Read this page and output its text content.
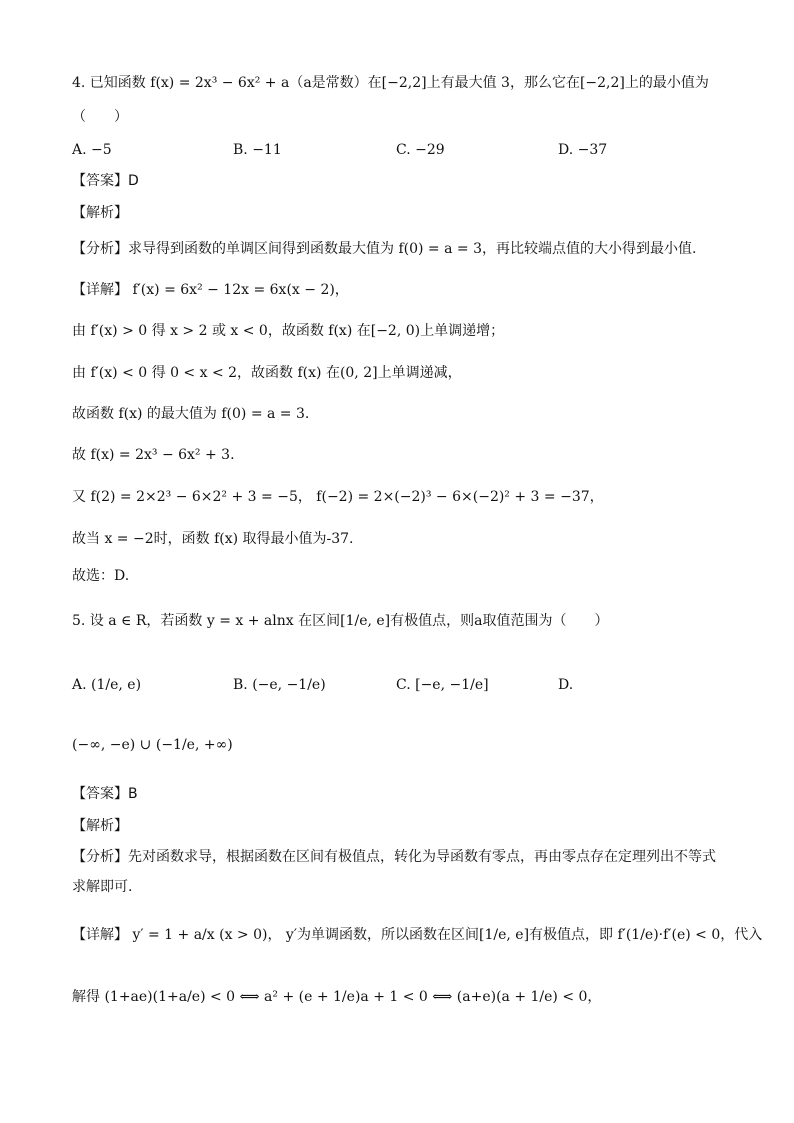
4. 已知函数 f(x) = 2x³ − 6x² + a（a是常数）在[−2,2]上有最大值 3，那么它在[−2,2]上的最小值为
（　　）
A. −5	B. −11	C. −29	D. −37
【答案】D
【解析】
【分析】求导得到函数的单调区间得到函数最大值为 f(0) = a = 3，再比较端点值的大小得到最小值.
【详解】 f′(x) = 6x² − 12x = 6x(x − 2)，
由 f′(x) > 0 得 x > 2 或 x < 0，故函数 f(x) 在[−2, 0)上单调递增；
由 f′(x) < 0 得 0 < x < 2，故函数 f(x) 在(0, 2]上单调递减，
故函数 f(x) 的最大值为 f(0) = a = 3.
故 f(x) = 2x³ − 6x² + 3.
又 f(2) = 2×2³ − 6×2² + 3 = −5， f(−2) = 2×(−2)³ − 6×(−2)² + 3 = −37，
故当 x = −2时，函数 f(x) 取得最小值为-37.
故选：D.
5. 设 a ∈ R，若函数 y = x + alnx 在区间[1/e, e]有极值点，则a取值范围为（　　）
A. (1/e, e)	B. (−e, −1/e)	C. [−e, −1/e]	D.
(−∞, −e) ∪ (−1/e, +∞)
【答案】B
【解析】
【分析】先对函数求导，根据函数在区间有极值点，转化为导函数有零点，再由零点存在定理列出不等式
求解即可.
【详解】 y′ = 1 + a/x (x > 0)， y′为单调函数，所以函数在区间[1/e, e]有极值点，即 f′(1/e)·f′(e) < 0，代入
解得 (1+ae)(1+a/e) < 0 ⟺ a² + (e + 1/e)a + 1 < 0 ⟺ (a+e)(a + 1/e) < 0，
